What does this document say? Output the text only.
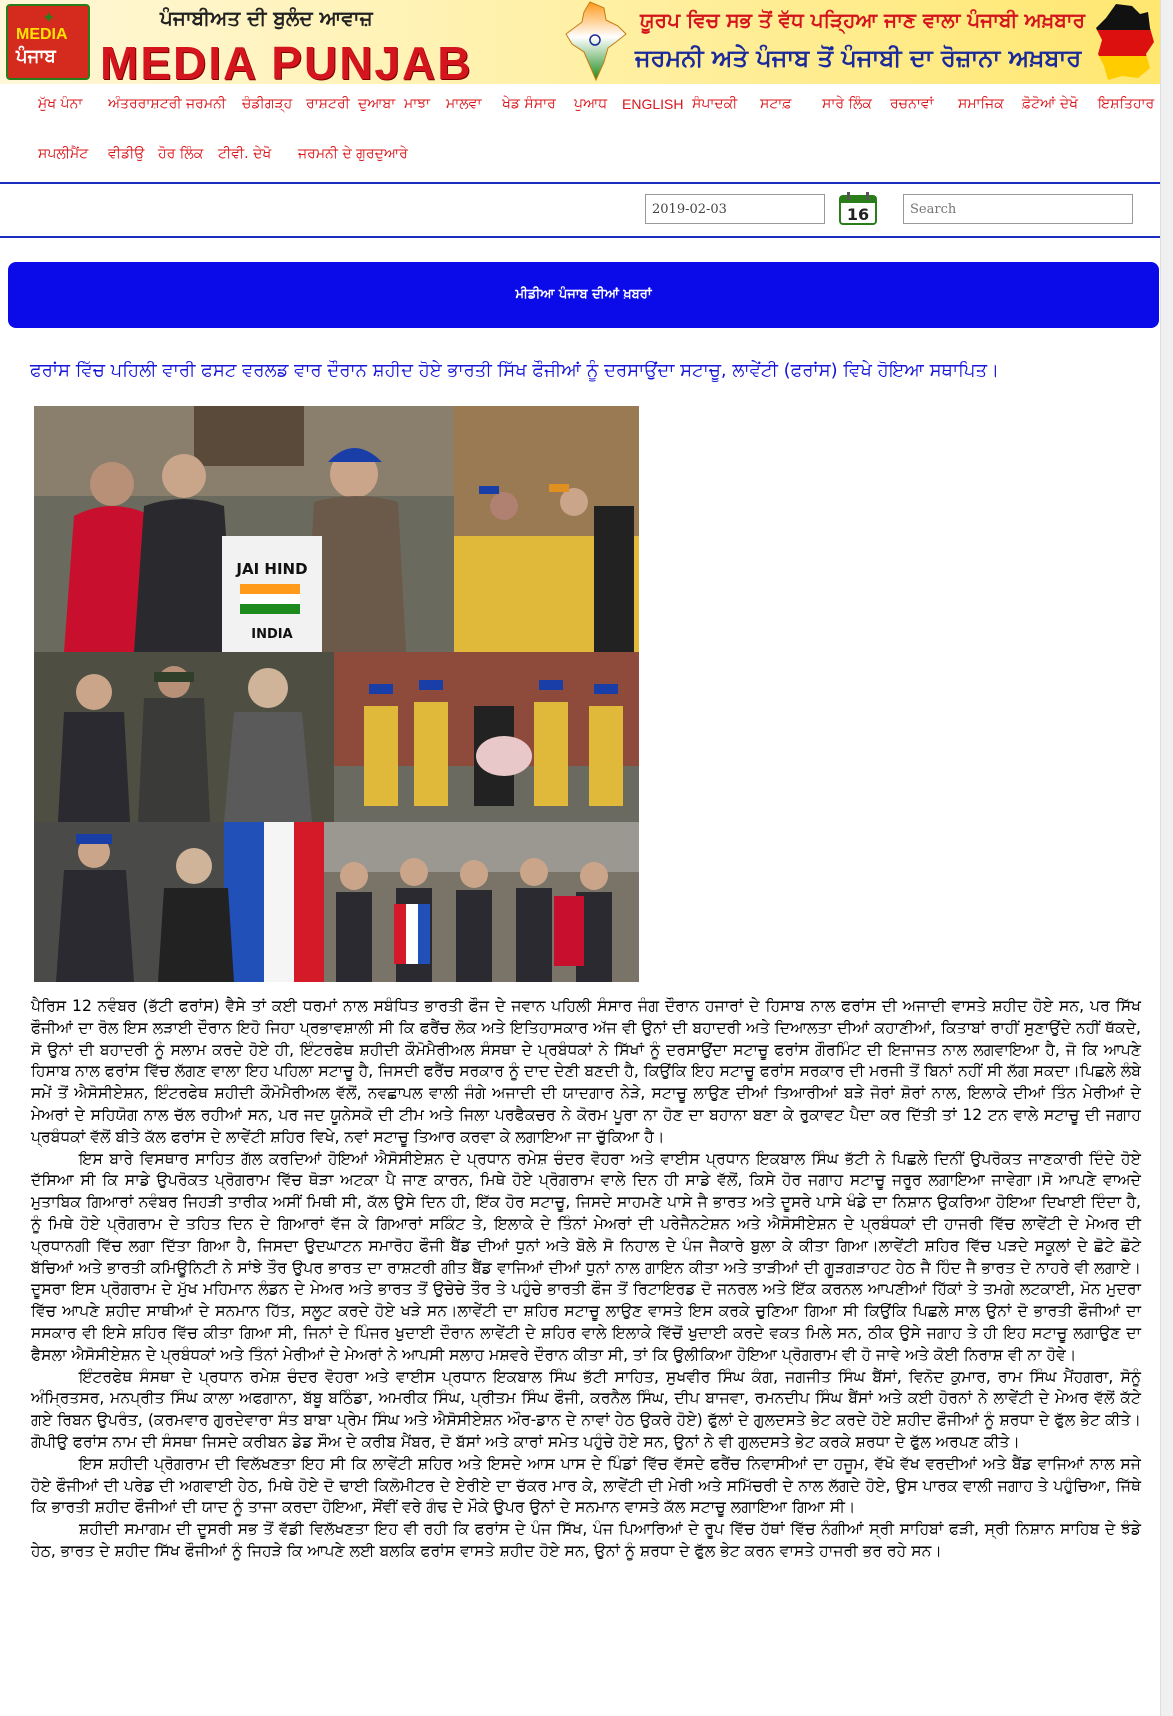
✦
MEDIA
ਪੰਜਾਬ
ਪੰਜਾਬੀਅਤ ਦੀ ਬੁਲੰਦ ਆਵਾਜ਼
MEDIA PUNJAB
ਯੂਰਪ ਵਿਚ ਸਭ ਤੋਂ ਵੱਧ ਪੜ੍ਹਿਆ ਜਾਣ ਵਾਲਾ ਪੰਜਾਬੀ ਅਖ਼ਬਾਰ
ਜਰਮਨੀ ਅਤੇ ਪੰਜਾਬ ਤੋਂ ਪੰਜਾਬੀ ਦਾ ਰੋਜ਼ਾਨਾ ਅਖ਼ਬਾਰ
ਮੁੱਖ ਪੰਨਾ ਅੰਤਰਰਾਸ਼ਟਰੀ ਜਰਮਨੀ ਚੰਡੀਗੜ੍ਹ ਰਾਸ਼ਟਰੀ ਦੁਆਬਾ ਮਾਝਾ ਮਾਲਵਾ ਖੇਡ ਸੰਸਾਰ ਪੁਆਧ ENGLISH ਸੰਪਾਦਕੀ ਸਟਾਫ਼ ਸਾਰੇ ਲਿੰਕ ਰਚਨਾਵਾਂ ਸਮਾਜਿਕ ਫ਼ੋਟੋਆਂ ਦੇਖੋ ਇਸ਼ਤਿਹਾਰ
ਸਪਲੀਮੈਂਟ ਵੀਡੀਉ ਹੋਰ ਲਿੰਕ ਟੀਵੀ. ਦੇਖੋ ਜਰਮਨੀ ਦੇ ਗੁਰਦੁਆਰੇ
2019-02-03
16
Search
ਮੀਡੀਆ ਪੰਜਾਬ ਦੀਆਂ ਖ਼ਬਰਾਂ
ਫਰਾਂਸ ਵਿੱਚ ਪਹਿਲੀ ਵਾਰੀ ਫਸਟ ਵਰਲਡ ਵਾਰ ਦੌਰਾਨ ਸ਼ਹੀਦ ਹੋਏ ਭਾਰਤੀ ਸਿੱਖ ਫੌਜੀਆਂ ਨੂੰ ਦਰਸਾਉਂਦਾ ਸਟਾਚੂ, ਲਾਵੇਂਟੀ (ਫਰਾਂਸ) ਵਿਖੇ ਹੋਇਆ ਸਥਾਪਿਤ।
JAI HIND
INDIA

ਪੈਰਿਸ 12 ਨਵੰਬਰ (ਭੱਟੀ ਫਰਾਂਸ) ਵੈਸੇ ਤਾਂ ਕਈ ਧਰਮਾਂ ਨਾਲ ਸਬੰਧਿਤ ਭਾਰਤੀ ਫੌਜ ਦੇ ਜਵਾਨ ਪਹਿਲੀ ਸੰਸਾਰ ਜੰਗ ਦੌਰਾਨ ਹਜਾਰਾਂ ਦੇ ਹਿਸਾਬ ਨਾਲ ਫਰਾਂਸ ਦੀ ਅਜਾਦੀ ਵਾਸਤੇ ਸ਼ਹੀਦ ਹੋਏ ਸਨ, ਪਰ ਸਿੱਖ ਫੌਜੀਆਂ ਦਾ ਰੋਲ ਇਸ ਲੜਾਈ ਦੌਰਾਨ ਇਹੋ ਜਿਹਾ ਪ੍ਰਭਾਵਸ਼ਾਲੀ ਸੀ ਕਿ ਫਰੈਂਚ ਲੋਕ ਅਤੇ ਇਤਿਹਾਸਕਾਰ ਅੱਜ ਵੀ ਉਨਾਂ ਦੀ ਬਹਾਦਰੀ ਅਤੇ ਦਿਆਲਤਾ ਦੀਆਂ ਕਹਾਣੀਆਂ, ਕਿਤਾਬਾਂ ਰਾਹੀਂ ਸੁਣਾਉਂਦੇ ਨਹੀਂ ਥੱਕਦੇ, ਸੋ ਉਨਾਂ ਦੀ ਬਹਾਦਰੀ ਨੂੰ ਸਲਾਮ ਕਰਦੇ ਹੋਏ ਹੀ, ਇੰਟਰਫੇਥ ਸ਼ਹੀਦੀ ਕੌਮੋਮੈਰੀਅਲ ਸੰਸਥਾ ਦੇ ਪ੍ਰਬੰਧਕਾਂ ਨੇ ਸਿੱਖਾਂ ਨੂੰ ਦਰਸਾਉਂਦਾ ਸਟਾਚੂ ਫਰਾਂਸ ਗੌਰਮਿੰਟ ਦੀ ਇਜਾਜਤ ਨਾਲ ਲਗਵਾਇਆ ਹੈ, ਜੋ ਕਿ ਆਪਣੇ ਹਿਸਾਬ ਨਾਲ ਫਰਾਂਸ ਵਿੱਚ ਲੱਗਣ ਵਾਲਾ ਇਹ ਪਹਿਲਾ ਸਟਾਚੂ ਹੈ, ਜਿਸਦੀ ਫਰੈਂਚ ਸਰਕਾਰ ਨੂੰ ਦਾਦ ਦੇਣੀ ਬਣਦੀ ਹੈ, ਕਿਉਂਕਿ ਇਹ ਸਟਾਚੂ ਫਰਾਂਸ ਸਰਕਾਰ ਦੀ ਮਰਜੀ ਤੋਂ ਬਿਨਾਂ ਨਹੀਂ ਸੀ ਲੱਗ ਸਕਦਾ।ਪਿਛਲੇ ਲੰਬੇ ਸਮੇਂ ਤੋਂ ਐਸੋਸੀਏਸ਼ਨ, ਇੰਟਰਫੇਥ ਸ਼ਹੀਦੀ ਕੌਮੋਮੈਰੀਅਲ ਵੱਲੋਂ, ਨਵਛਾਪਲ ਵਾਲੀ ਜੰਗੇ ਅਜਾਦੀ ਦੀ ਯਾਦਗਾਰ ਨੇੜੇ, ਸਟਾਚੂ ਲਾਉਣ ਦੀਆਂ ਤਿਆਰੀਆਂ ਬੜੇ ਜੋਰਾਂ ਸ਼ੋਰਾਂ ਨਾਲ, ਇਲਾਕੇ ਦੀਆਂ ਤਿੰਨ ਮੇਰੀਆਂ ਦੇ ਮੇਅਰਾਂ ਦੇ ਸਹਿਯੋਗ ਨਾਲ ਚੱਲ ਰਹੀਆਂ ਸਨ, ਪਰ ਜਦ ਯੂਨੇਸਕੋ ਦੀ ਟੀਮ ਅਤੇ ਜਿਲਾ ਪਰਫੈਕਚਰ ਨੇ ਕੋਰਮ ਪੂਰਾ ਨਾ ਹੋਣ ਦਾ ਬਹਾਨਾ ਬਣਾ ਕੇ ਰੁਕਾਵਟ ਪੈਦਾ ਕਰ ਦਿੱਤੀ ਤਾਂ 12 ਟਨ ਵਾਲੇ ਸਟਾਚੂ ਦੀ ਜਗਾਹ ਪ੍ਰਬੰਧਕਾਂ ਵੱਲੋਂ ਬੀਤੇ ਕੱਲ ਫਰਾਂਸ ਦੇ ਲਾਵੇਂਟੀ ਸ਼ਹਿਰ ਵਿਖੇ, ਨਵਾਂ ਸਟਾਚੂ ਤਿਆਰ ਕਰਵਾ ਕੇ ਲਗਾਇਆ ਜਾ ਚੁੱਕਿਆ ਹੈ।

ਇਸ ਬਾਰੇ ਵਿਸਥਾਰ ਸਾਹਿਤ ਗੱਲ ਕਰਦਿਆਂ ਹੋਇਆਂ ਐਸੋਸੀਏਸ਼ਨ ਦੇ ਪ੍ਰਧਾਨ ਰਮੇਸ਼ ਚੰਦਰ ਵੋਹਰਾ ਅਤੇ ਵਾਈਸ ਪ੍ਰਧਾਨ ਇਕਬਾਲ ਸਿੰਘ ਭੱਟੀ ਨੇ ਪਿਛਲੇ ਦਿਨੀਂ ਉਪਰੋਕਤ ਜਾਣਕਾਰੀ ਦਿੰਦੇ ਹੋਏ ਦੱਸਿਆ ਸੀ ਕਿ ਸਾਡੇ ਉਪਰੋਕਤ ਪ੍ਰੋਗਰਾਮ ਵਿੱਚ ਥੋੜਾ ਅਟਕਾ ਪੈ ਜਾਣ ਕਾਰਨ, ਮਿਥੇ ਹੋਏ ਪ੍ਰੋਗਰਾਮ ਵਾਲੇ ਦਿਨ ਹੀ ਸਾਡੇ ਵੱਲੋਂ, ਕਿਸੇ ਹੋਰ ਜਗਾਹ ਸਟਾਚੂ ਜਰੂਰ ਲਗਾਇਆ ਜਾਵੇਗਾ।ਸੋ ਆਪਣੇ ਵਾਅਦੇ ਮੁਤਾਬਿਕ ਗਿਆਰਾਂ ਨਵੰਬਰ ਜਿਹੜੀ ਤਾਰੀਕ ਅਸੀਂ ਮਿਥੀ ਸੀ, ਕੱਲ ਉਸੇ ਦਿਨ ਹੀ, ਇੱਕ ਹੋਰ ਸਟਾਚੂ, ਜਿਸਦੇ ਸਾਹਮਣੇ ਪਾਸੇ ਜੈ ਭਾਰਤ ਅਤੇ ਦੂਸਰੇ ਪਾਸੇ ਖੰਡੇ ਦਾ ਨਿਸ਼ਾਨ ਉਕਰਿਆ ਹੋਇਆ ਦਿਖਾਈ ਦਿੰਦਾ ਹੈ, ਨੂੰ ਮਿਥੇ ਹੋਏ ਪ੍ਰੋਗਰਾਮ ਦੇ ਤਹਿਤ ਦਿਨ ਦੇ ਗਿਆਰਾਂ ਵੱਜ ਕੇ ਗਿਆਰਾਂ ਸਕਿੰਟ ਤੇ, ਇਲਾਕੇ ਦੇ ਤਿੰਨਾਂ ਮੇਅਰਾਂ ਦੀ ਪਰੇਜੈਨਟੇਸ਼ਨ ਅਤੇ ਐਸੋਸੀਏਸ਼ਨ ਦੇ ਪ੍ਰਬੰਧਕਾਂ ਦੀ ਹਾਜਰੀ ਵਿੱਚ ਲਾਵੇਂਟੀ ਦੇ ਮੇਅਰ ਦੀ ਪ੍ਰਧਾਨਗੀ ਵਿੱਚ ਲਗਾ ਦਿੱਤਾ ਗਿਆ ਹੈ, ਜਿਸਦਾ ਉਦਘਾਟਨ ਸਮਾਰੋਹ ਫੌਜੀ ਬੈਂਡ ਦੀਆਂ ਧੁਨਾਂ ਅਤੇ ਬੋਲੇ ਸੋ ਨਿਹਾਲ ਦੇ ਪੰਜ ਜੈਕਾਰੇ ਬੁਲਾ ਕੇ ਕੀਤਾ ਗਿਆ।ਲਾਵੇਂਟੀ ਸ਼ਹਿਰ ਵਿੱਚ ਪੜਦੇ ਸਕੂਲਾਂ ਦੇ ਛੋਟੇ ਛੋਟੇ ਬੱਚਿਆਂ ਅਤੇ ਭਾਰਤੀ ਕਮਿਊਨਿਟੀ ਨੇ ਸਾਂਝੇ ਤੌਰ ਉਪਰ ਭਾਰਤ ਦਾ ਰਾਸ਼ਟਰੀ ਗੀਤ ਬੈਂਡ ਵਾਜਿਆਂ ਦੀਆਂ ਧੁਨਾਂ ਨਾਲ ਗਾਇਨ ਕੀਤਾ ਅਤੇ ਤਾੜੀਆਂ ਦੀ ਗੂੜਗੜਾਹਟ ਹੇਠ ਜੈ ਹਿੰਦ ਜੈ ਭਾਰਤ ਦੇ ਨਾਹਰੇ ਵੀ ਲਗਾਏ।ਦੂਸਰਾ ਇਸ ਪ੍ਰੋਗਰਾਮ ਦੇ ਮੁੱਖ ਮਹਿਮਾਨ ਲੰਡਨ ਦੇ ਮੇਅਰ ਅਤੇ ਭਾਰਤ ਤੋਂ ਉਚੇਚੇ ਤੌਰ ਤੇ ਪਹੁੰਚੇ ਭਾਰਤੀ ਫੌਜ ਤੋਂ ਰਿਟਾਇਰਡ ਦੋ ਜਨਰਲ ਅਤੇ ਇੱਕ ਕਰਨਲ ਆਪਣੀਆਂ ਹਿੱਕਾਂ ਤੇ ਤਮਗੇ ਲਟਕਾਈ, ਮੋਨ ਮੁਦਰਾ ਵਿੱਚ ਆਪਣੇ ਸ਼ਹੀਦ ਸਾਥੀਆਂ ਦੇ ਸਨਮਾਨ ਹਿੱਤ, ਸਲੂਟ ਕਰਦੇ ਹੋਏ ਖੜੇ ਸਨ।ਲਾਵੇਂਟੀ ਦਾ ਸ਼ਹਿਰ ਸਟਾਚੂ ਲਾਉਣ ਵਾਸਤੇ ਇਸ ਕਰਕੇ ਚੁਣਿਆ ਗਿਆ ਸੀ ਕਿਉਂਕਿ ਪਿਛਲੇ ਸਾਲ ਉਨਾਂ ਦੋ ਭਾਰਤੀ ਫੌਜੀਆਂ ਦਾ ਸਸਕਾਰ ਵੀ ਇਸੇ ਸ਼ਹਿਰ ਵਿੱਚ ਕੀਤਾ ਗਿਆ ਸੀ, ਜਿਨਾਂ ਦੇ ਪਿੰਜਰ ਖੁਦਾਈ ਦੌਰਾਨ ਲਾਵੇਂਟੀ ਦੇ ਸ਼ਹਿਰ ਵਾਲੇ ਇਲਾਕੇ ਵਿੱਚੋਂ ਖੁਦਾਈ ਕਰਦੇ ਵਕਤ ਮਿਲੇ ਸਨ, ਠੀਕ ਉਸੇ ਜਗਾਹ ਤੇ ਹੀ ਇਹ ਸਟਾਚੂ ਲਗਾਉਣ ਦਾ ਫੈਸਲਾ ਐਸੋਸੀਏਸ਼ਨ ਦੇ ਪ੍ਰਬੰਧਕਾਂ ਅਤੇ ਤਿੰਨਾਂ ਮੇਰੀਆਂ ਦੇ ਮੇਅਰਾਂ ਨੇ ਆਪਸੀ ਸਲਾਹ ਮਸ਼ਵਰੇ ਦੌਰਾਨ ਕੀਤਾ ਸੀ, ਤਾਂ ਕਿ ਉਲੀਕਿਆ ਹੋਇਆ ਪ੍ਰੋਗਰਾਮ ਵੀ ਹੋ ਜਾਵੇ ਅਤੇ ਕੋਈ ਨਿਰਾਸ਼ ਵੀ ਨਾ ਹੋਵੇ।

ਇੰਟਰਫੇਥ ਸੰਸਥਾ ਦੇ ਪ੍ਰਧਾਨ ਰਮੇਸ਼ ਚੰਦਰ ਵੋਹਰਾ ਅਤੇ ਵਾਈਸ ਪ੍ਰਧਾਨ ਇਕਬਾਲ ਸਿੰਘ ਭੱਟੀ ਸਾਹਿਤ, ਸੁਖਵੀਰ ਸਿੰਘ ਕੰਗ, ਜਗਜੀਤ ਸਿੰਘ ਬੈਂਸਾਂ, ਵਿਨੋਦ ਕੁਮਾਰ, ਰਾਮ ਸਿੰਘ ਮੈਂਹਗਰਾ, ਸੋਨੂੰ ਅੰਮ੍ਰਿਤਸਰ, ਮਨਪ੍ਰੀਤ ਸਿੰਘ ਕਾਲਾ ਅਫਗਾਨਾ, ਬੱਬੂ ਬਠਿੰਡਾ, ਅਮਰੀਕ ਸਿੰਘ, ਪ੍ਰੀਤਮ ਸਿੰਘ ਫੌਜੀ, ਕਰਨੈਲ ਸਿੰਘ, ਦੀਪ ਬਾਜਵਾ, ਰਮਨਦੀਪ ਸਿੰਘ ਬੈਂਸਾਂ ਅਤੇ ਕਈ ਹੋਰਨਾਂ ਨੇ ਲਾਵੇਂਟੀ ਦੇ ਮੇਅਰ ਵੱਲੋਂ ਕੱਟੇ ਗਏ ਰਿਬਨ ਉਪਰੰਤ, (ਕਰਮਵਾਰ ਗੁਰਦੇਵਾਰਾ ਸੰਤ ਬਾਬਾ ਪ੍ਰੇਮ ਸਿੰਘ ਅਤੇ ਐਸੋਸੀਏਸ਼ਨ ਔਰ-ਡਾਨ ਦੇ ਨਾਵਾਂ ਹੇਠ ਉਕਰੇ ਹੋਏ) ਫੁੱਲਾਂ ਦੇ ਗੁਲਦਸਤੇ ਭੇਟ ਕਰਦੇ ਹੋਏ ਸ਼ਹੀਦ ਫੌਜੀਆਂ ਨੂੰ ਸ਼ਰਧਾ ਦੇ ਫੁੱਲ ਭੇਟ ਕੀਤੇ।ਗੋਪੀਉ ਫਰਾਂਸ ਨਾਮ ਦੀ ਸੰਸਥਾ ਜਿਸਦੇ ਕਰੀਬਨ ਡੇਡ ਸੌਅ ਦੇ ਕਰੀਬ ਮੈਂਬਰ, ਦੋ ਬੱਸਾਂ ਅਤੇ ਕਾਰਾਂ ਸਮੇਤ ਪਹੁੰਚੇ ਹੋਏ ਸਨ, ਉਨਾਂ ਨੇ ਵੀ ਗੁਲਦਸਤੇ ਭੇਟ ਕਰਕੇ ਸ਼ਰਧਾ ਦੇ ਫੁੱਲ ਅਰਪਣ ਕੀਤੇ।

ਇਸ ਸ਼ਹੀਦੀ ਪ੍ਰੋਗਰਾਮ ਦੀ ਵਿਲੱਖਣਤਾ ਇਹ ਸੀ ਕਿ ਲਾਵੇਂਟੀ ਸ਼ਹਿਰ ਅਤੇ ਇਸਦੇ ਆਸ ਪਾਸ ਦੇ ਪਿੰਡਾਂ ਵਿੱਚ ਵੱਸਦੇ ਫਰੈਂਚ ਨਿਵਾਸੀਆਂ ਦਾ ਹਜੂਮ, ਵੱਖੋ ਵੱਖ ਵਰਦੀਆਂ ਅਤੇ ਬੈਂਡ ਵਾਜਿਆਂ ਨਾਲ ਸਜੇ ਹੋਏ ਫੌਜੀਆਂ ਦੀ ਪਰੇਡ ਦੀ ਅਗਵਾਈ ਹੇਠ, ਮਿਥੇ ਹੋਏ ਦੋ ਢਾਈ ਕਿਲੋਮੀਟਰ ਦੇ ਏਰੀਏ ਦਾ ਚੱਕਰ ਮਾਰ ਕੇ, ਲਾਵੇਂਟੀ ਦੀ ਮੇਰੀ ਅਤੇ ਸਮਿੱਚਰੀ ਦੇ ਨਾਲ ਲੱਗਦੇ ਹੋਏ, ਉਸ ਪਾਰਕ ਵਾਲੀ ਜਗਾਹ ਤੇ ਪਹੁੰਚਿਆ, ਜਿੱਥੇ ਕਿ ਭਾਰਤੀ ਸ਼ਹੀਦ ਫੌਜੀਆਂ ਦੀ ਯਾਦ ਨੂੰ ਤਾਜਾ ਕਰਦਾ ਹੋਇਆ, ਸੌਂਵੀਂ ਵਰੇ ਗੰਢ ਦੇ ਮੌਕੇ ਉਪਰ ਉਨਾਂ ਦੇ ਸਨਮਾਨ ਵਾਸਤੇ ਕੱਲ ਸਟਾਚੂ ਲਗਾਇਆ ਗਿਆ ਸੀ।

ਸ਼ਹੀਦੀ ਸਮਾਗਮ ਦੀ ਦੂਸਰੀ ਸਭ ਤੋਂ ਵੱਡੀ ਵਿਲੱਖਣਤਾ ਇਹ ਵੀ ਰਹੀ ਕਿ ਫਰਾਂਸ ਦੇ ਪੰਜ ਸਿੱਖ, ਪੰਜ ਪਿਆਰਿਆਂ ਦੇ ਰੂਪ ਵਿੱਚ ਹੱਥਾਂ ਵਿੱਚ ਨੰਗੀਆਂ ਸ੍ਰੀ ਸਾਹਿਬਾਂ ਫੜੀ, ਸ੍ਰੀ ਨਿਸ਼ਾਨ ਸਾਹਿਬ ਦੇ ਝੰਡੇ ਹੇਠ, ਭਾਰਤ ਦੇ ਸ਼ਹੀਦ ਸਿੱਖ ਫੌਜੀਆਂ ਨੂੰ ਜਿਹੜੇ ਕਿ ਆਪਣੇ ਲਈ ਬਲਕਿ ਫਰਾਂਸ ਵਾਸਤੇ ਸ਼ਹੀਦ ਹੋਏ ਸਨ, ਉਨਾਂ ਨੂੰ ਸ਼ਰਧਾ ਦੇ ਫੁੱਲ ਭੇਟ ਕਰਨ ਵਾਸਤੇ ਹਾਜਰੀ ਭਰ ਰਹੇ ਸਨ।
